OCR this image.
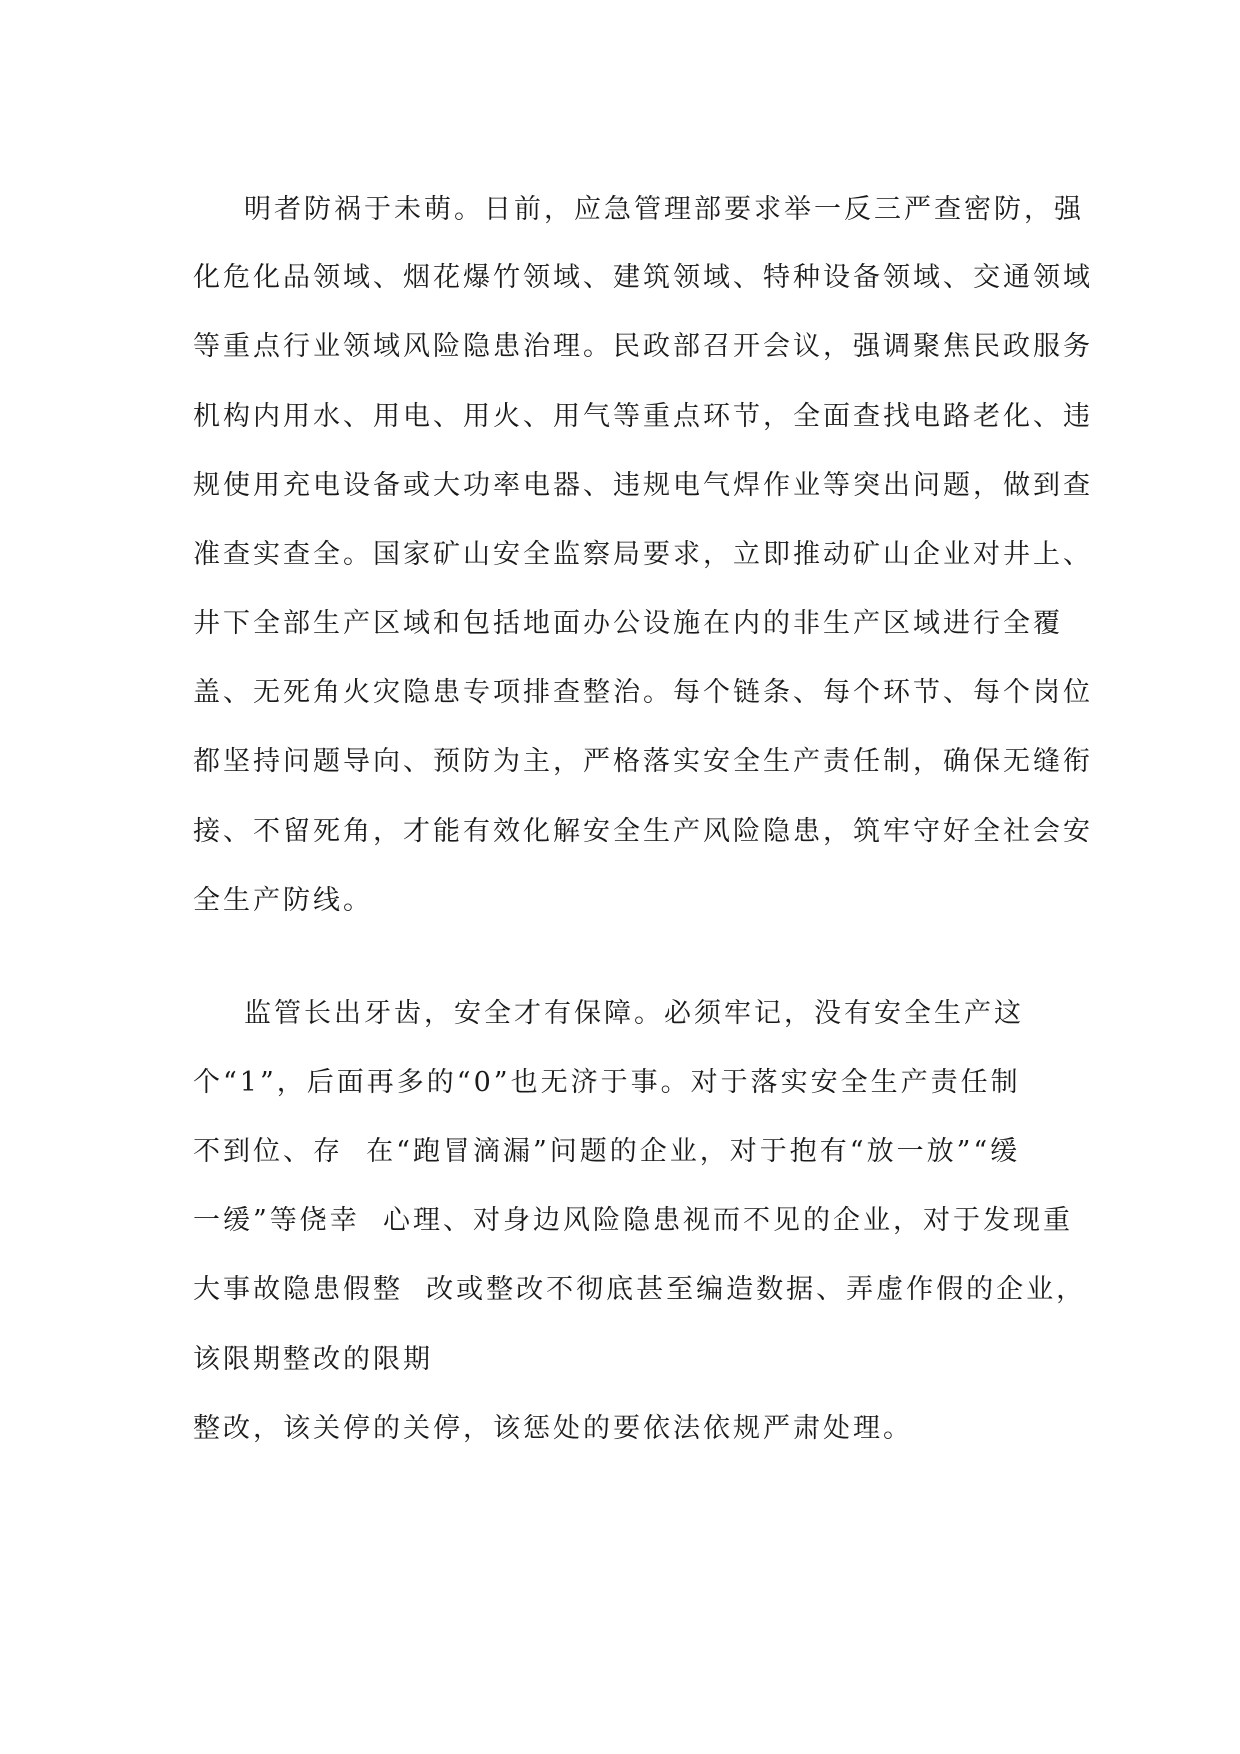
明者防祸于未萌。日前，应急管理部要求举一反三严查密防，强
化危化品领域、烟花爆竹领域、建筑领域、特种设备领域、交通领域
等重点行业领域风险隐患治理。民政部召开会议，强调聚焦民政服务
机构内用水、用电、用火、用气等重点环节，全面查找电路老化、违
规使用充电设备或大功率电器、违规电气焊作业等突出问题，做到查
准查实查全。国家矿山安全监察局要求，立即推动矿山企业对井上、
井下全部生产区域和包括地面办公设施在内的非生产区域进行全覆
盖、无死角火灾隐患专项排查整治。每个链条、每个环节、每个岗位
都坚持问题导向、预防为主，严格落实安全生产责任制，确保无缝衔
接、不留死角，才能有效化解安全生产风险隐患，筑牢守好全社会安
全生产防线。
监管长出牙齿，安全才有保障。必须牢记，没有安全生产这
个“1”，后面再多的“0”也无济于事。对于落实安全生产责任制
不到位、存  在“跑冒滴漏”问题的企业，对于抱有“放一放”“缓
一缓”等侥幸  心理、对身边风险隐患视而不见的企业，对于发现重
大事故隐患假整  改或整改不彻底甚至编造数据、弄虚作假的企业，
该限期整改的限期
整改，该关停的关停，该惩处的要依法依规严肃处理。
